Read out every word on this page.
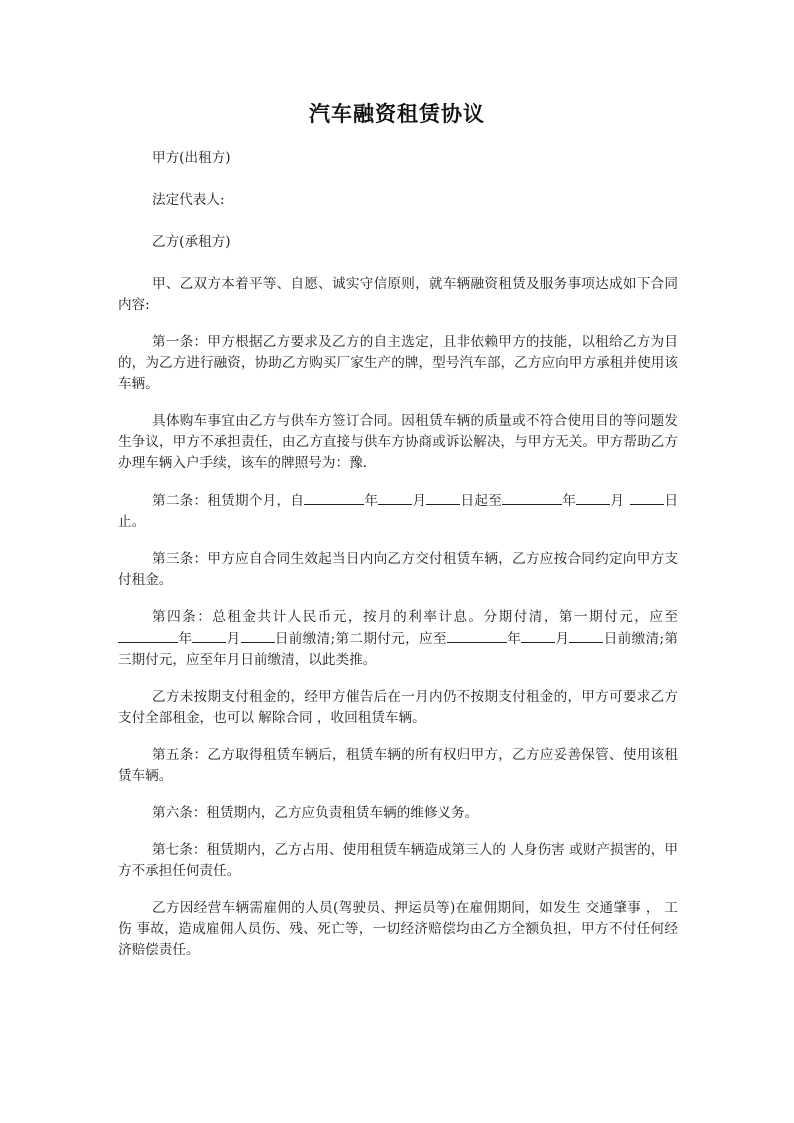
汽车融资租赁协议

甲方(出租方)

法定代表人:

乙方(承租方)

甲、乙双方本着平等、自愿、诚实守信原则，就车辆融资租赁及服务事项达成如下合同内容:

第一条：甲方根据乙方要求及乙方的自主选定，且非依赖甲方的技能，以租给乙方为目的，为乙方进行融资，协助乙方购买厂家生产的牌，型号汽车部，乙方应向甲方承租并使用该车辆。

具体购车事宜由乙方与供车方签订合同。因租赁车辆的质量或不符合使用目的等问题发生争议，甲方不承担责任，由乙方直接与供车方协商或诉讼解决，与甲方无关。甲方帮助乙方办理车辆入户手续，该车的牌照号为：豫.

第二条：租赁期个月，自	年	月	日起至	年	月	日止。

第三条：甲方应自合同生效起当日内向乙方交付租赁车辆，乙方应按合同约定向甲方支付租金。

第四条：总租金共计人民币元，按月的利率计息。分期付清，第一期付元，应至年	月	日前缴清;第二期付元，应至	年	月	日前缴清;第三期付元，应至年月日前缴清，以此类推。

乙方未按期支付租金的，经甲方催告后在一月内仍不按期支付租金的，甲方可要求乙方支付全部租金，也可以 解除合同 ，收回租赁车辆。

第五条：乙方取得租赁车辆后，租赁车辆的所有权归甲方，乙方应妥善保管、使用该租赁车辆。

第六条：租赁期内，乙方应负责租赁车辆的维修义务。

第七条：租赁期内，乙方占用、使用租赁车辆造成第三人的 人身伤害 或财产损害的，甲方不承担任何责任。

乙方因经营车辆需雇佣的人员(驾驶员、押运员等)在雇佣期间，如发生 交通肇事 ， 工伤 事故，造成雇佣人员伤、残、死亡等，一切经济赔偿均由乙方全额负担，甲方不付任何经济赔偿责任。
